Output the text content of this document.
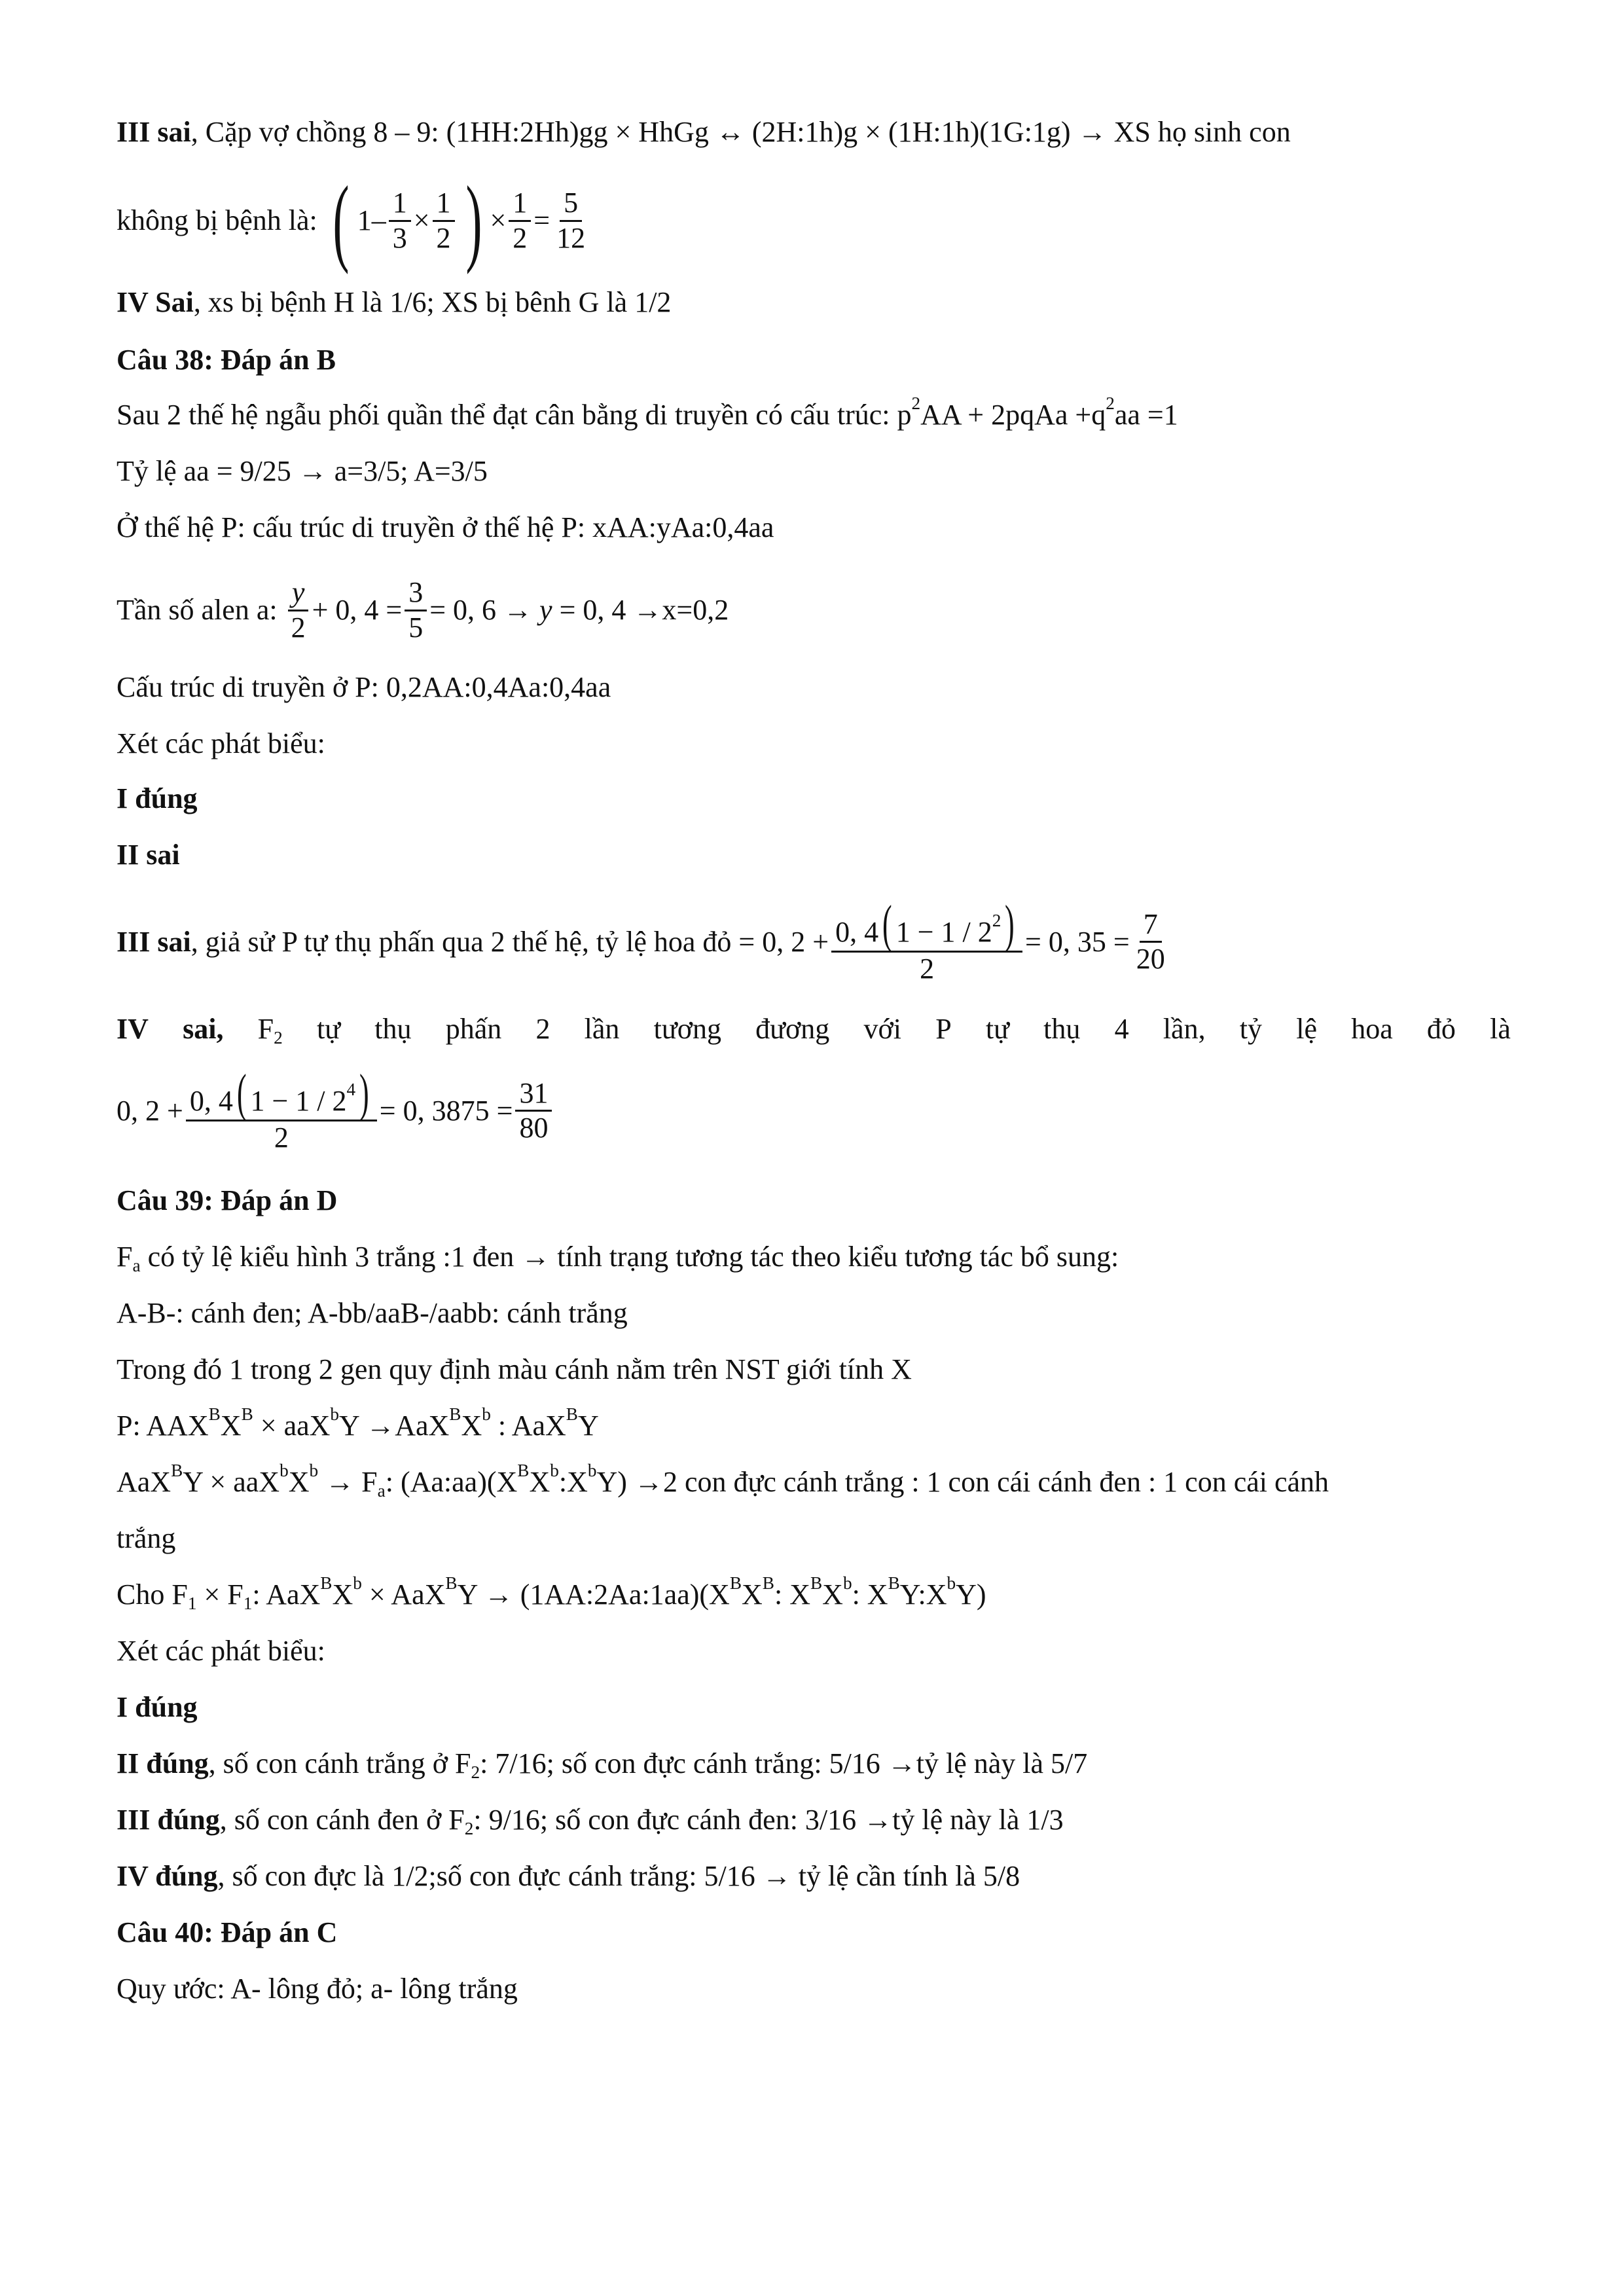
III sai, Cặp vợ chồng 8 – 9: (1HH:2Hh)gg × HhGg ↔ (2H:1h)g × (1H:1h)(1G:1g) → XS họ sinh con
không bị bệnh là:
( $1 - \frac{1}{3} \times \frac{1}{2}$ ) × $\frac{1}{2} = \frac{5}{12}$
IV Sai, xs bị bệnh H là 1/6; XS bị bênh G là 1/2
Câu 38: Đáp án B
Sau 2 thế hệ ngẫu phối quần thể đạt cân bằng di truyền có cấu trúc: $p^2AA$ + 2pqAa $+q^2aa =1$
Tỷ lệ aa = 9/25 → a=3/5; A=3/5
Ở thế hệ P: cấu trúc di truyền ở thế hệ P: xAA:yAa:0,4aa
Tần số alen a:

y
2
+ 0, $4 = \frac{3}{5} = 0$, 6 → y = 0, 4 →x=0,2
Cấu trúc di truyền ở P: 0,2AA:0,4Aa:0,4aa
Xét các phát biểu:
I đúng
II sai
III sai , giả sử P tự thụ phấn qua 2 thế hệ, tỷ lệ hoa đỏ =
0, $2 + \frac{0, 4( 1 - 1 / 2^2)}{2} = 0$, $35 = \frac{7}{20}$
IV sai, $F_2$ tự thụ phấn 2 lần tương đương với P tự thụ 4 lần, tỷ lệ hoa đỏ là
0, $2 + \frac{0, 4( 1 - 1 / 2^4)}{2} = 0$, $3875 = \frac{31}{80}$
Câu 39: Đáp án D
$F_a$ có tỷ lệ kiểu hình 3 trắng :1 đen → tính trạng tương tác theo kiểu tương tác bổ sung:
A-B-: cánh đen; A-bb/aaB-/aabb: cánh trắng
Trong đó 1 trong 2 gen quy định màu cánh nằm trên NST giới tính X
P: $AAX^BX^B \times aaX^bY \to AaX^BX^b$ : AaX$^B$Y
$AaX^BY \times aaX^bX^b \to F_a$: $(Aa:aa)(X^BX^b:X^bY) \to 2$ con đực cánh trắng : 1 con cái cánh đen : 1 con cái cánh
trắng
Cho $F_1 \times F_1$: $AaX^BX^b \times AaX^BY$ → $(1AA:2Aa:1aa)(X^BX^B$: $X^BX^b$: $X^BY:X^bY$)
Xét các phát biểu:
I đúng
II đúng, số con cánh trắng ở $F_2$: 7/16; số con đực cánh trắng: 5/16 →tỷ lệ này là 5/7
III đúng, số con cánh đen ở $F_2$: 9/16; số con đực cánh đen: 3/16 →tỷ lệ này là 1/3
IV đúng, số con đực là 1/2;số con đực cánh trắng: 5/16 → tỷ lệ cần tính là 5/8
Câu 40: Đáp án C
Quy ước: A- lông đỏ; a- lông trắng
